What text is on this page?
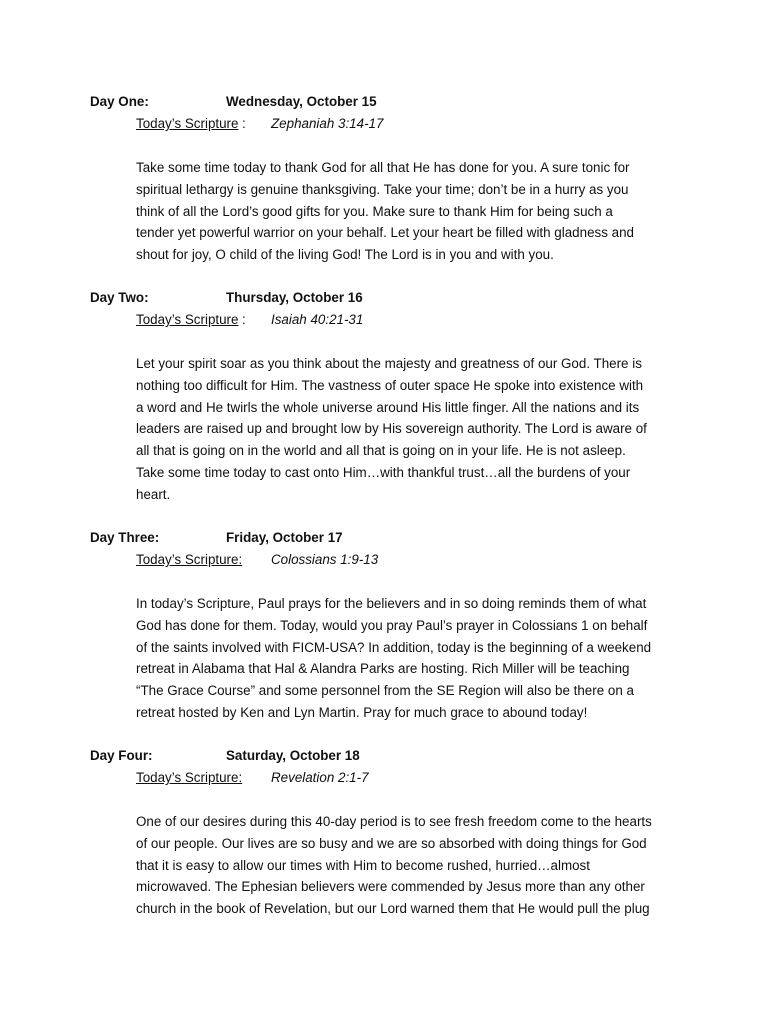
Day One:	Wednesday, October 15
Today’s Scripture : Zephaniah 3:14-17
Take some time today to thank God for all that He has done for you. A sure tonic for
spiritual lethargy is genuine thanksgiving. Take your time; don’t be in a hurry as you
think of all the Lord’s good gifts for you. Make sure to thank Him for being such a
tender yet powerful warrior on your behalf. Let your heart be filled with gladness and
shout for joy, O child of the living God! The Lord is in you and with you.
Day Two:	Thursday, October 16
Today’s Scripture : Isaiah 40:21-31
Let your spirit soar as you think about the majesty and greatness of our God. There is
nothing too difficult for Him. The vastness of outer space He spoke into existence with
a word and He twirls the whole universe around His little finger. All the nations and its
leaders are raised up and brought low by His sovereign authority. The Lord is aware of
all that is going on in the world and all that is going on in your life. He is not asleep.
Take some time today to cast onto Him…with thankful trust…all the burdens of your
heart.
Day Three:	Friday, October 17
Today’s Scripture: Colossians 1:9-13
In today’s Scripture, Paul prays for the believers and in so doing reminds them of what
God has done for them. Today, would you pray Paul’s prayer in Colossians 1 on behalf
of the saints involved with FICM-USA? In addition, today is the beginning of a weekend
retreat in Alabama that Hal & Alandra Parks are hosting. Rich Miller will be teaching
“The Grace Course” and some personnel from the SE Region will also be there on a
retreat hosted by Ken and Lyn Martin. Pray for much grace to abound today!
Day Four:	Saturday, October 18
Today’s Scripture: Revelation 2:1-7
One of our desires during this 40-day period is to see fresh freedom come to the hearts
of our people. Our lives are so busy and we are so absorbed with doing things for God
that it is easy to allow our times with Him to become rushed, hurried…almost
microwaved. The Ephesian believers were commended by Jesus more than any other
church in the book of Revelation, but our Lord warned them that He would pull the plug
